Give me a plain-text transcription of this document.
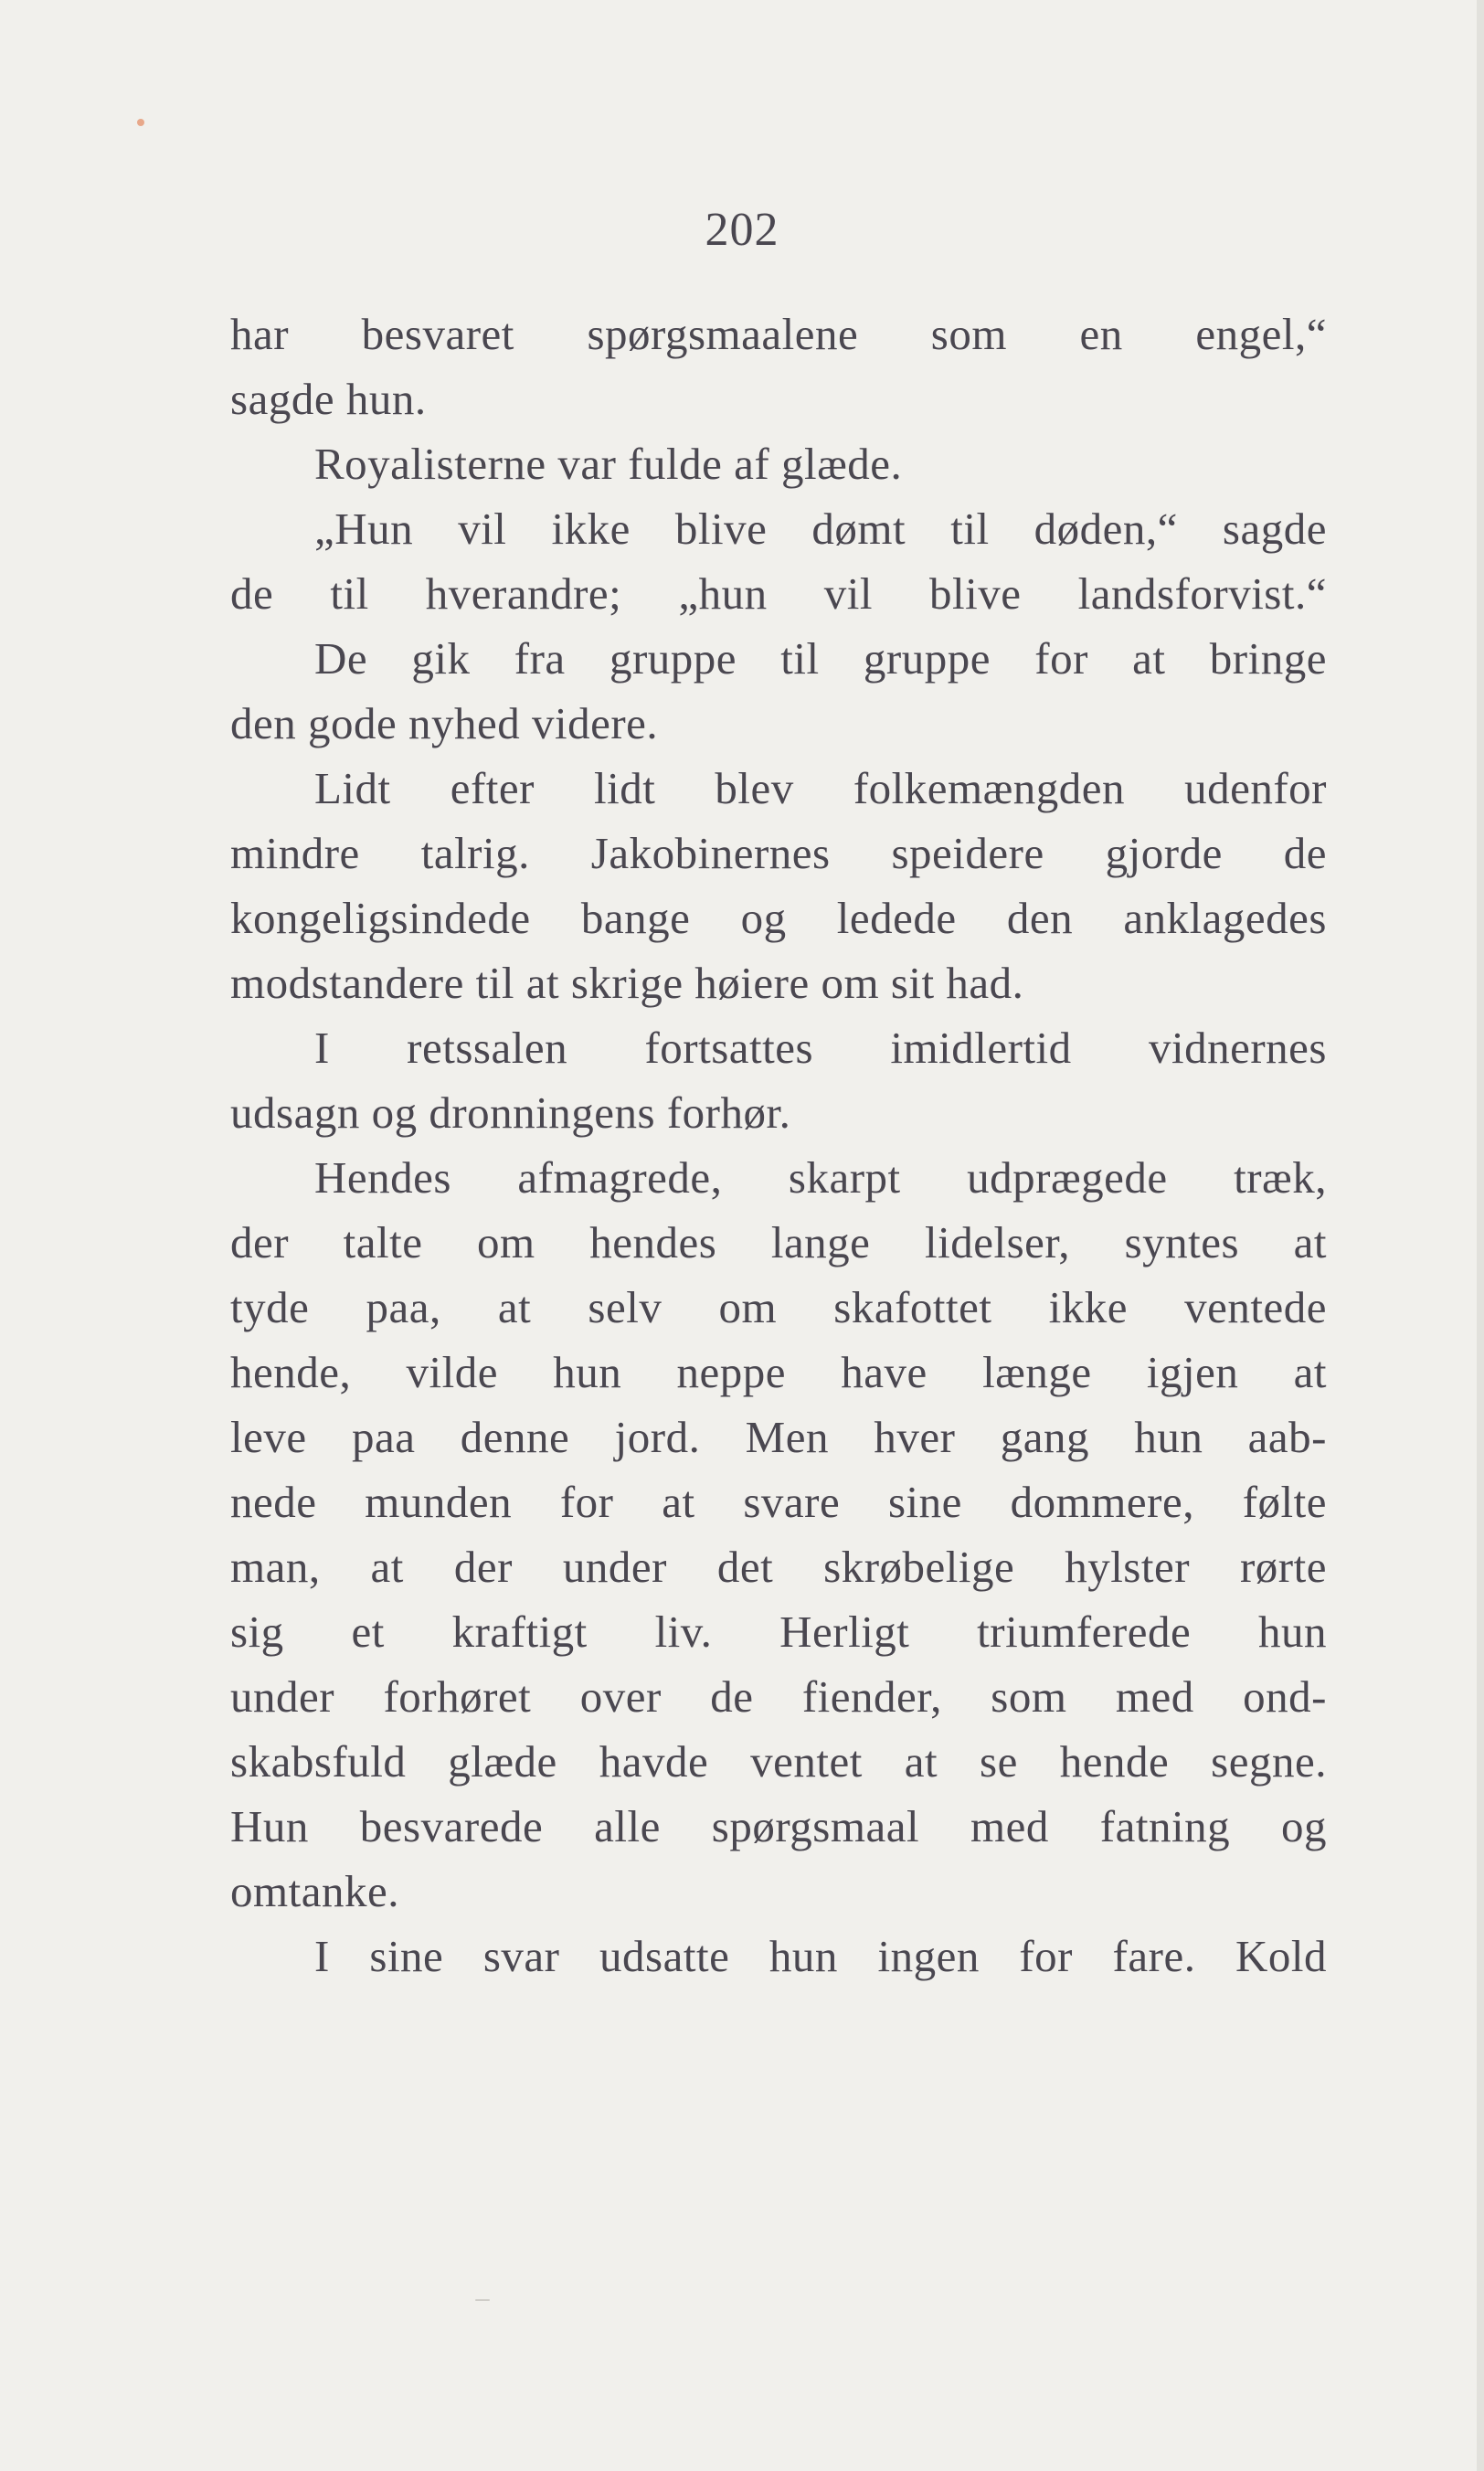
202
har besvaret spørgsmaalene som en engel,“
sagde hun.
Royalisterne var fulde af glæde.
„Hun vil ikke blive dømt til døden,“ sagde
de til hverandre; „hun vil blive landsforvist.“
De gik fra gruppe til gruppe for at bringe
den gode nyhed videre.
Lidt efter lidt blev folkemængden udenfor
mindre talrig. Jakobinernes speidere gjorde de
kongeligsindede bange og ledede den anklagedes
modstandere til at skrige høiere om sit had.
I retssalen fortsattes imidlertid vidnernes
udsagn og dronningens forhør.
Hendes afmagrede, skarpt udprægede træk,
der talte om hendes lange lidelser, syntes at
tyde paa, at selv om skafottet ikke ventede
hende, vilde hun neppe have længe igjen at
leve paa denne jord. Men hver gang hun aab-
nede munden for at svare sine dommere, følte
man, at der under det skrøbelige hylster rørte
sig et kraftigt liv. Herligt triumferede hun
under forhøret over de fiender, som med ond-
skabsfuld glæde havde ventet at se hende segne.
Hun besvarede alle spørgsmaal med fatning og
omtanke.
I sine svar udsatte hun ingen for fare. Kold
